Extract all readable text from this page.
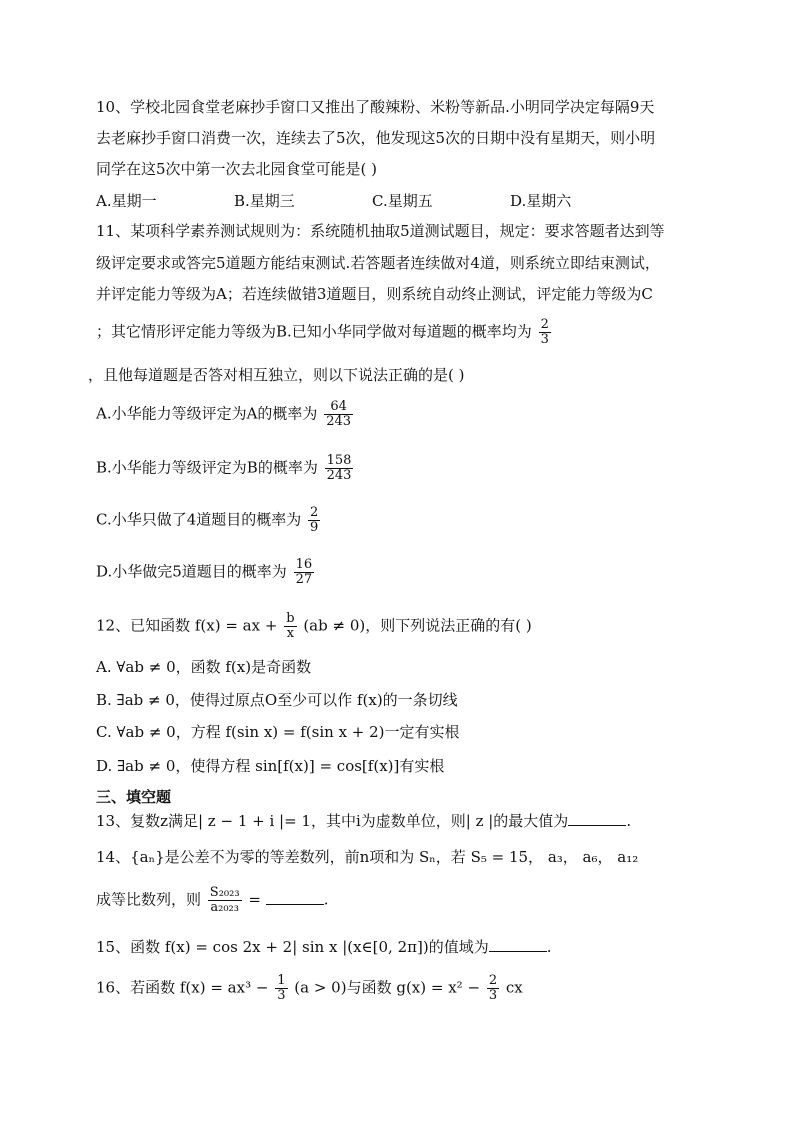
10、学校北园食堂老麻抄手窗口又推出了酸辣粉、米粉等新品.小明同学决定每隔9天
去老麻抄手窗口消费一次，连续去了5次，他发现这5次的日期中没有星期天，则小明
同学在这5次中第一次去北园食堂可能是( )
A.星期一	B.星期三	C.星期五	D.星期六
11、某项科学素养测试规则为：系统随机抽取5道测试题目，规定：要求答题者达到等
级评定要求或答完5道题方能结束测试.若答题者连续做对4道，则系统立即结束测试，
并评定能力等级为A；若连续做错3道题目，则系统自动终止测试，评定能力等级为C
；其它情形评定能力等级为B.已知小华同学做对每道题的概率均为 $\frac{2}{3}$
，且他每道题是否答对相互独立，则以下说法正确的是( )
A.小华能力等级评定为A的概率为 $\frac{64}{243}$
B.小华能力等级评定为B的概率为 $\frac{158}{243}$
C.小华只做了4道题目的概率为 $\frac{2}{9}$
D.小华做完5道题目的概率为 $\frac{16}{27}$
12、已知函数 f(x) = ax + $\frac{b}{x} (ab \ne 0)$，则下列说法正确的有( )
A. ∀ab ≠ 0，函数 f(x)是奇函数
B. ∃ab ≠ 0，使得过原点O至少可以作 f(x)的一条切线
C. ∀ab ≠ 0，方程 f(sin x) = f(sin x + 2)一定有实根
D. ∃ab ≠ 0，使得方程 sin[f(x)] = cos[f(x)]有实根
三、填空题
13、复数z满足| z − 1 + i |= 1，其中i为虚数单位，则| z |的最大值为	.
14、{aₙ}是公差不为零的等差数列，前n项和为 Sₙ，若 S₅ = 15， a₃， a₆， a₁₂
成等比数列，则 $\frac{\text{S₂₀₂₃}}{\text{a₂₀₂₃}}$ =	.
15、函数 f(x) = cos 2x + 2| sin x |(x∈[0, 2π])的值域为	.
16、若函数 $f(x) = ax^3 - \frac{1}{3} (a > 0)$与函数 $g(x) = x^2 - \frac{2}{3}$ cx
